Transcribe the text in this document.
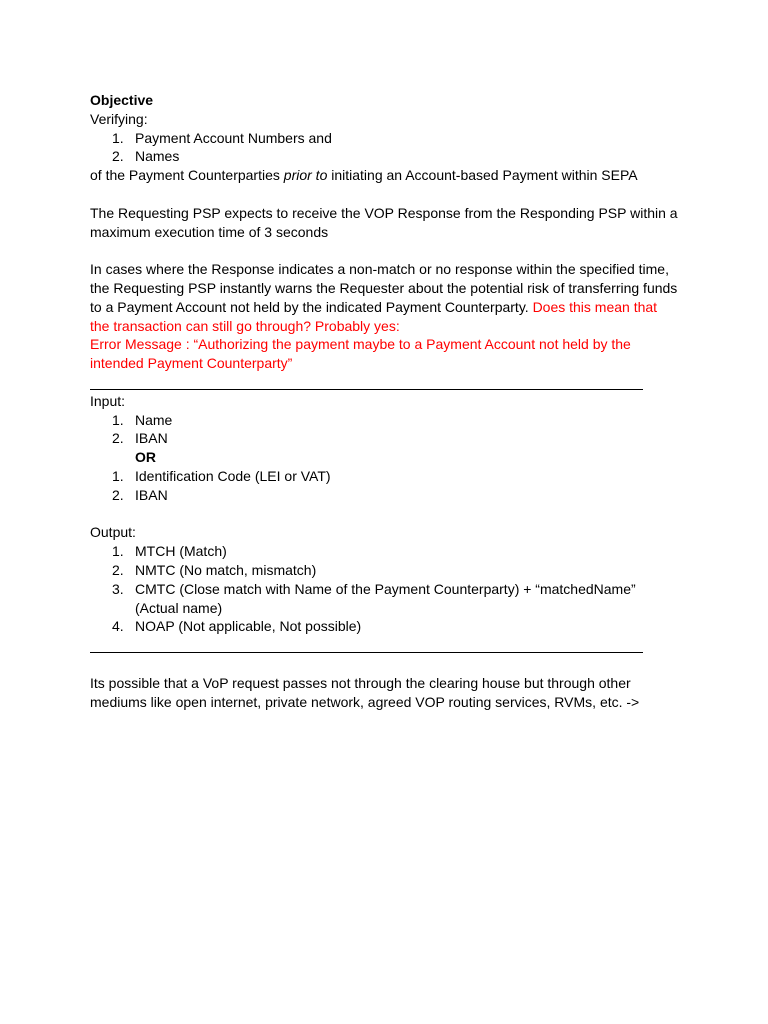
Objective
Verifying:
1. Payment Account Numbers and
2. Names
of the Payment Counterparties prior to initiating an Account-based Payment within SEPA

The Requesting PSP expects to receive the VOP Response from the Responding PSP within a maximum execution time of 3 seconds

In cases where the Response indicates a non-match or no response within the specified time, the Requesting PSP instantly warns the Requester about the potential risk of transferring funds to a Payment Account not held by the indicated Payment Counterparty. Does this mean that the transaction can still go through? Probably yes:

Error Message : “Authorizing the payment maybe to a Payment Account not held by the intended Payment Counterparty”

Input:
1. Name
2. IBAN
OR
1. Identification Code (LEI or VAT)
2. IBAN
Output:
1. MTCH (Match)
2. NMTC (No match, mismatch)
3. CMTC (Close match with Name of the Payment Counterparty) + “matchedName” (Actual name)
4. NOAP (Not applicable, Not possible)

Its possible that a VoP request passes not through the clearing house but through other mediums like open internet, private network, agreed VOP routing services, RVMs, etc. ->
